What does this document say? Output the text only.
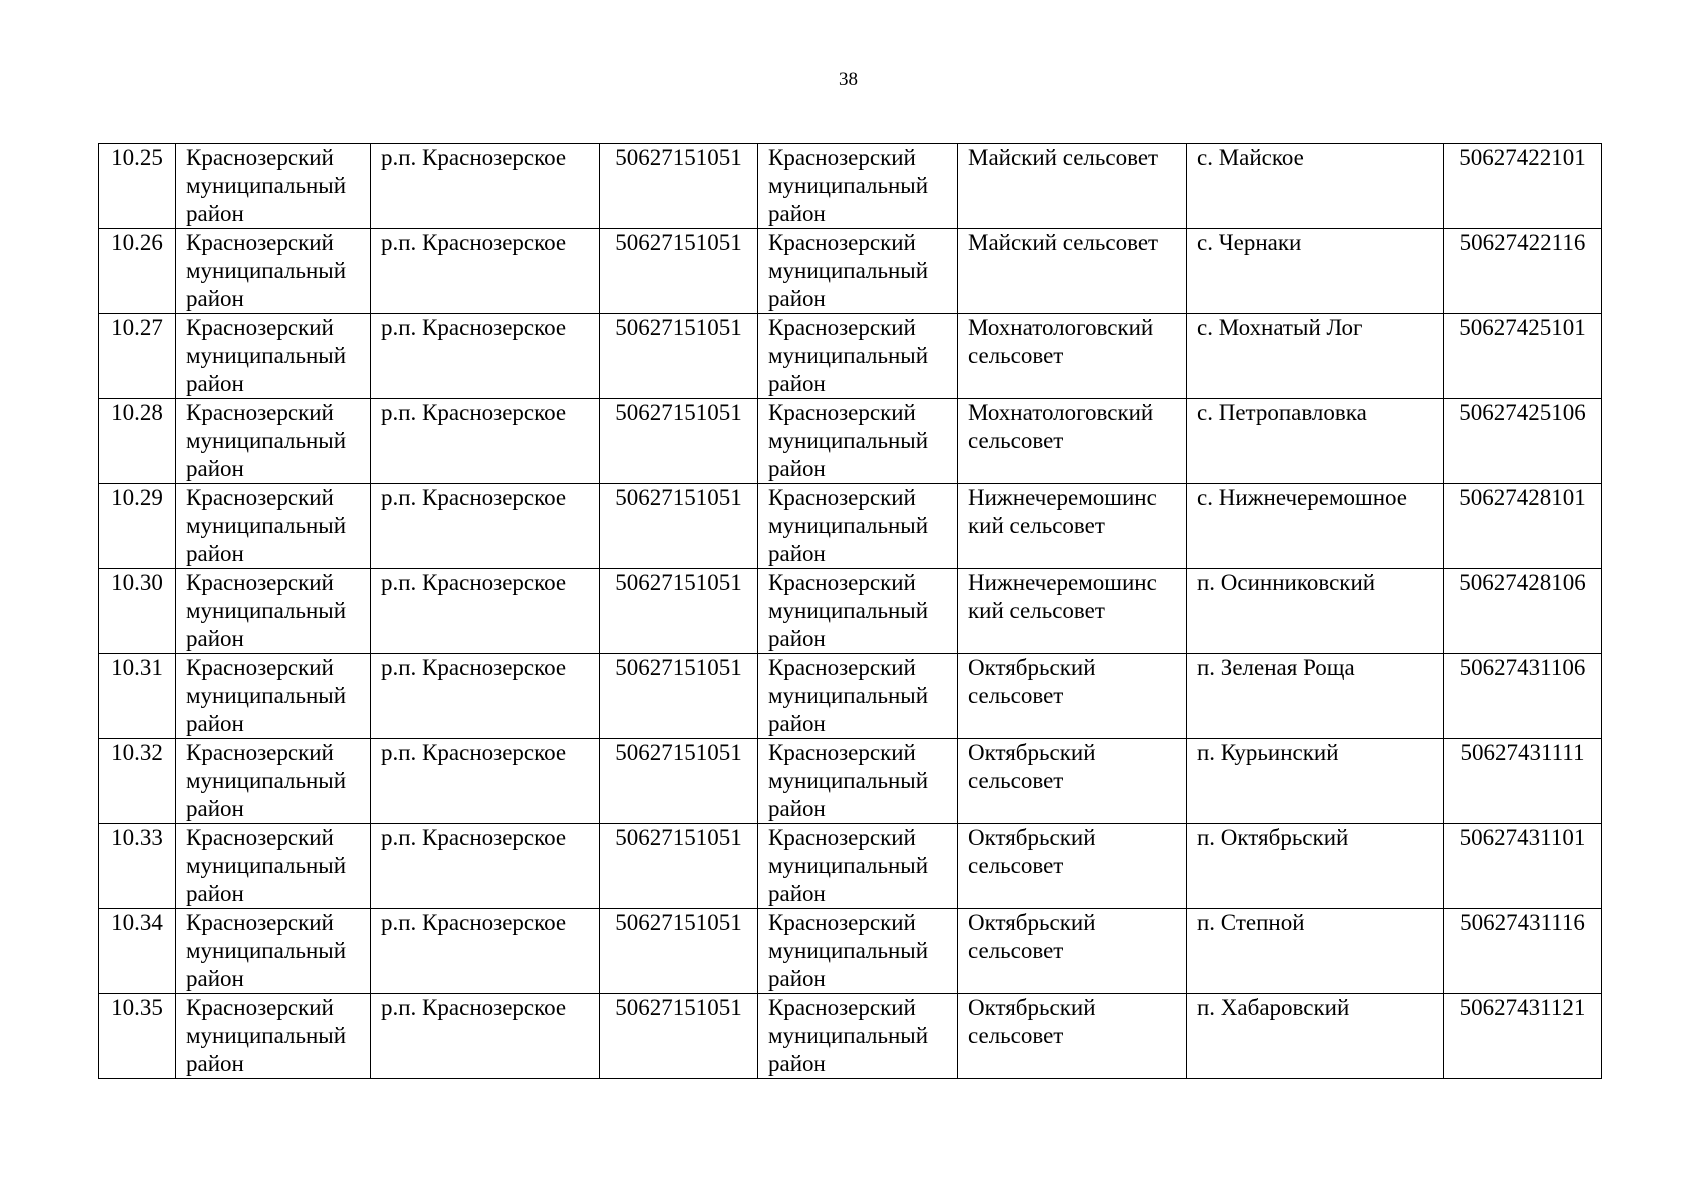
38
10.25	Краснозерский муниципальный район	р.п. Краснозерское	50627151051	Краснозерский муниципальный район	Майский сельсовет	с. Майское	50627422101
10.26	Краснозерский муниципальный район	р.п. Краснозерское	50627151051	Краснозерский муниципальный район	Майский сельсовет	с. Чернаки	50627422116
10.27	Краснозерский муниципальный район	р.п. Краснозерское	50627151051	Краснозерский муниципальный район	Мохнатологовский сельсовет	с. Мохнатый Лог	50627425101
10.28	Краснозерский муниципальный район	р.п. Краснозерское	50627151051	Краснозерский муниципальный район	Мохнатологовский сельсовет	с. Петропавловка	50627425106
10.29	Краснозерский муниципальный район	р.п. Краснозерское	50627151051	Краснозерский муниципальный район	Нижнечеремошинс кий сельсовет	с. Нижнечеремошное	50627428101
10.30	Краснозерский муниципальный район	р.п. Краснозерское	50627151051	Краснозерский муниципальный район	Нижнечеремошинс кий сельсовет	п. Осинниковский	50627428106
10.31	Краснозерский муниципальный район	р.п. Краснозерское	50627151051	Краснозерский муниципальный район	Октябрьский сельсовет	п. Зеленая Роща	50627431106
10.32	Краснозерский муниципальный район	р.п. Краснозерское	50627151051	Краснозерский муниципальный район	Октябрьский сельсовет	п. Курьинский	50627431111
10.33	Краснозерский муниципальный район	р.п. Краснозерское	50627151051	Краснозерский муниципальный район	Октябрьский сельсовет	п. Октябрьский	50627431101
10.34	Краснозерский муниципальный район	р.п. Краснозерское	50627151051	Краснозерский муниципальный район	Октябрьский сельсовет	п. Степной	50627431116
10.35	Краснозерский муниципальный район	р.п. Краснозерское	50627151051	Краснозерский муниципальный район	Октябрьский сельсовет	п. Хабаровский	50627431121
